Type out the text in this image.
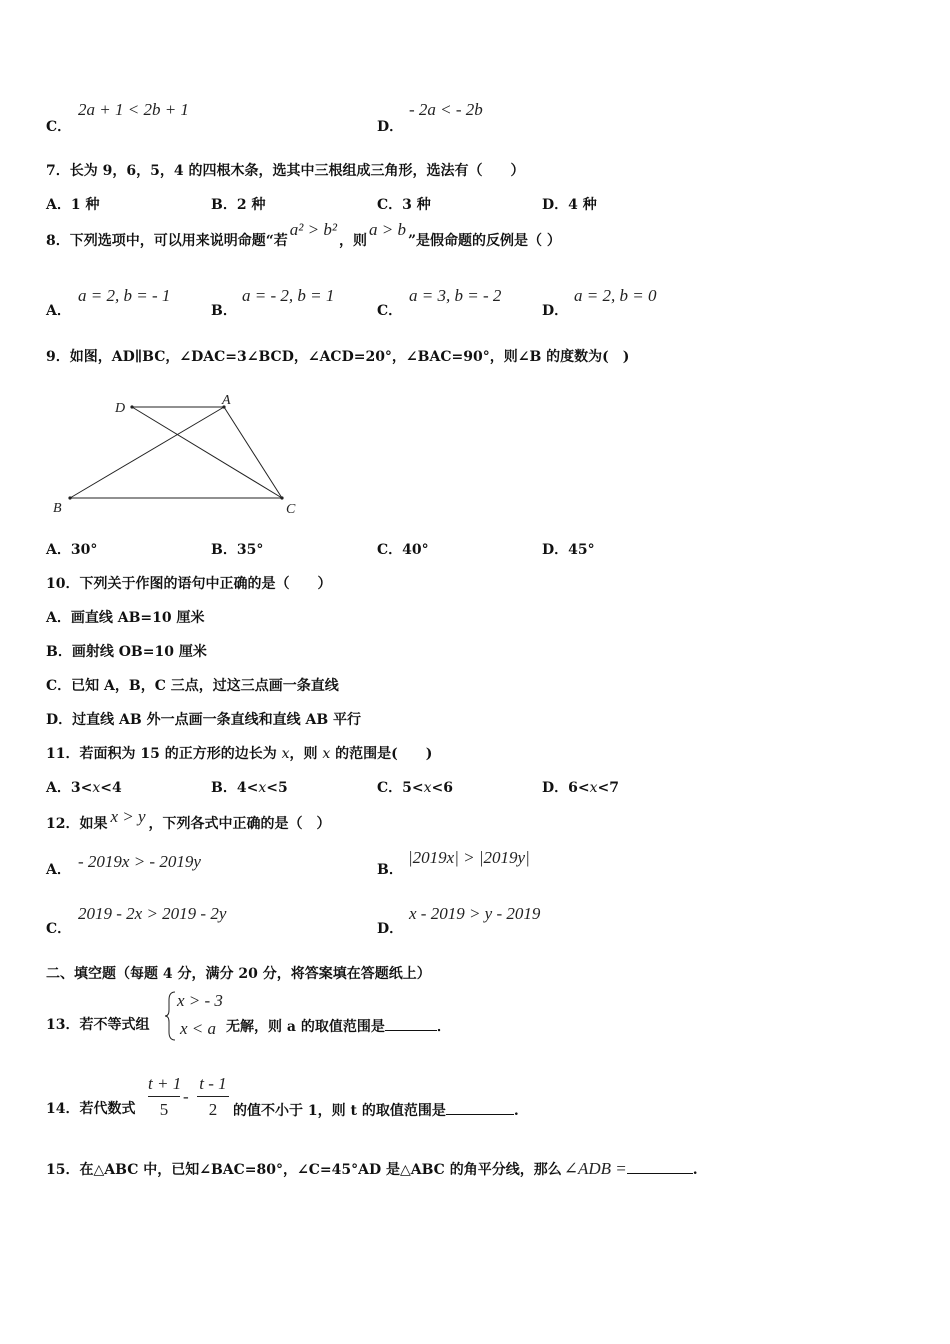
C．
2a + 1 < 2b + 1
D．
- 2a < - 2b
7．长为 9，6，5，4 的四根木条，选其中三根组成三角形，选法有（　　）
A．1 种	B．2 种	C．3 种	D．4 种
8．下列选项中，可以用来说明命题“若a² > b²，则a > b”是假命题的反例是（ ）
A．
a = 2, b = - 1
B．
a = - 2, b = 1
C．
a = 3, b = - 2
D．
a = 2, b = 0
9．如图，AD∥BC，∠DAC=3∠BCD，∠ACD=20°，∠BAC=90°，则∠B 的度数为(　)
D
A
B	C
A．30°	B．35°	C．40°	D．45°
10．下列关于作图的语句中正确的是（　　）
A．画直线 AB=10 厘米
B．画射线 OB=10 厘米
C．已知 A，B，C 三点，过这三点画一条直线
D．过直线 AB 外一点画一条直线和直线 AB 平行
11．若面积为 15 的正方形的边长为 x，则 x 的范围是(　　)
A．3<x<4	B．4<x<5	C．5<x<6	D．6<x<7
12．如果 x > y ，下列各式中正确的是（　）
A． - 2019x > - 2019y	B．
|2019x| > |2019y|
C．
2019 - 2x > 2019 - 2y
D．
x - 2019 > y - 2019
二、填空题（每题 4 分，满分 20 分，将答案填在答题纸上）
13．若不等式组
x > - 3
x < a 无解，则 a 的取值范围是	．
14．若代数式
t + 1
5
-
t - 1
2	的值不小于 1，则 t 的取值范围是	.
15．在△ABC 中，已知∠BAC=80°，∠C=45°AD 是△ABC 的角平分线，那么 ∠ADB =	.
